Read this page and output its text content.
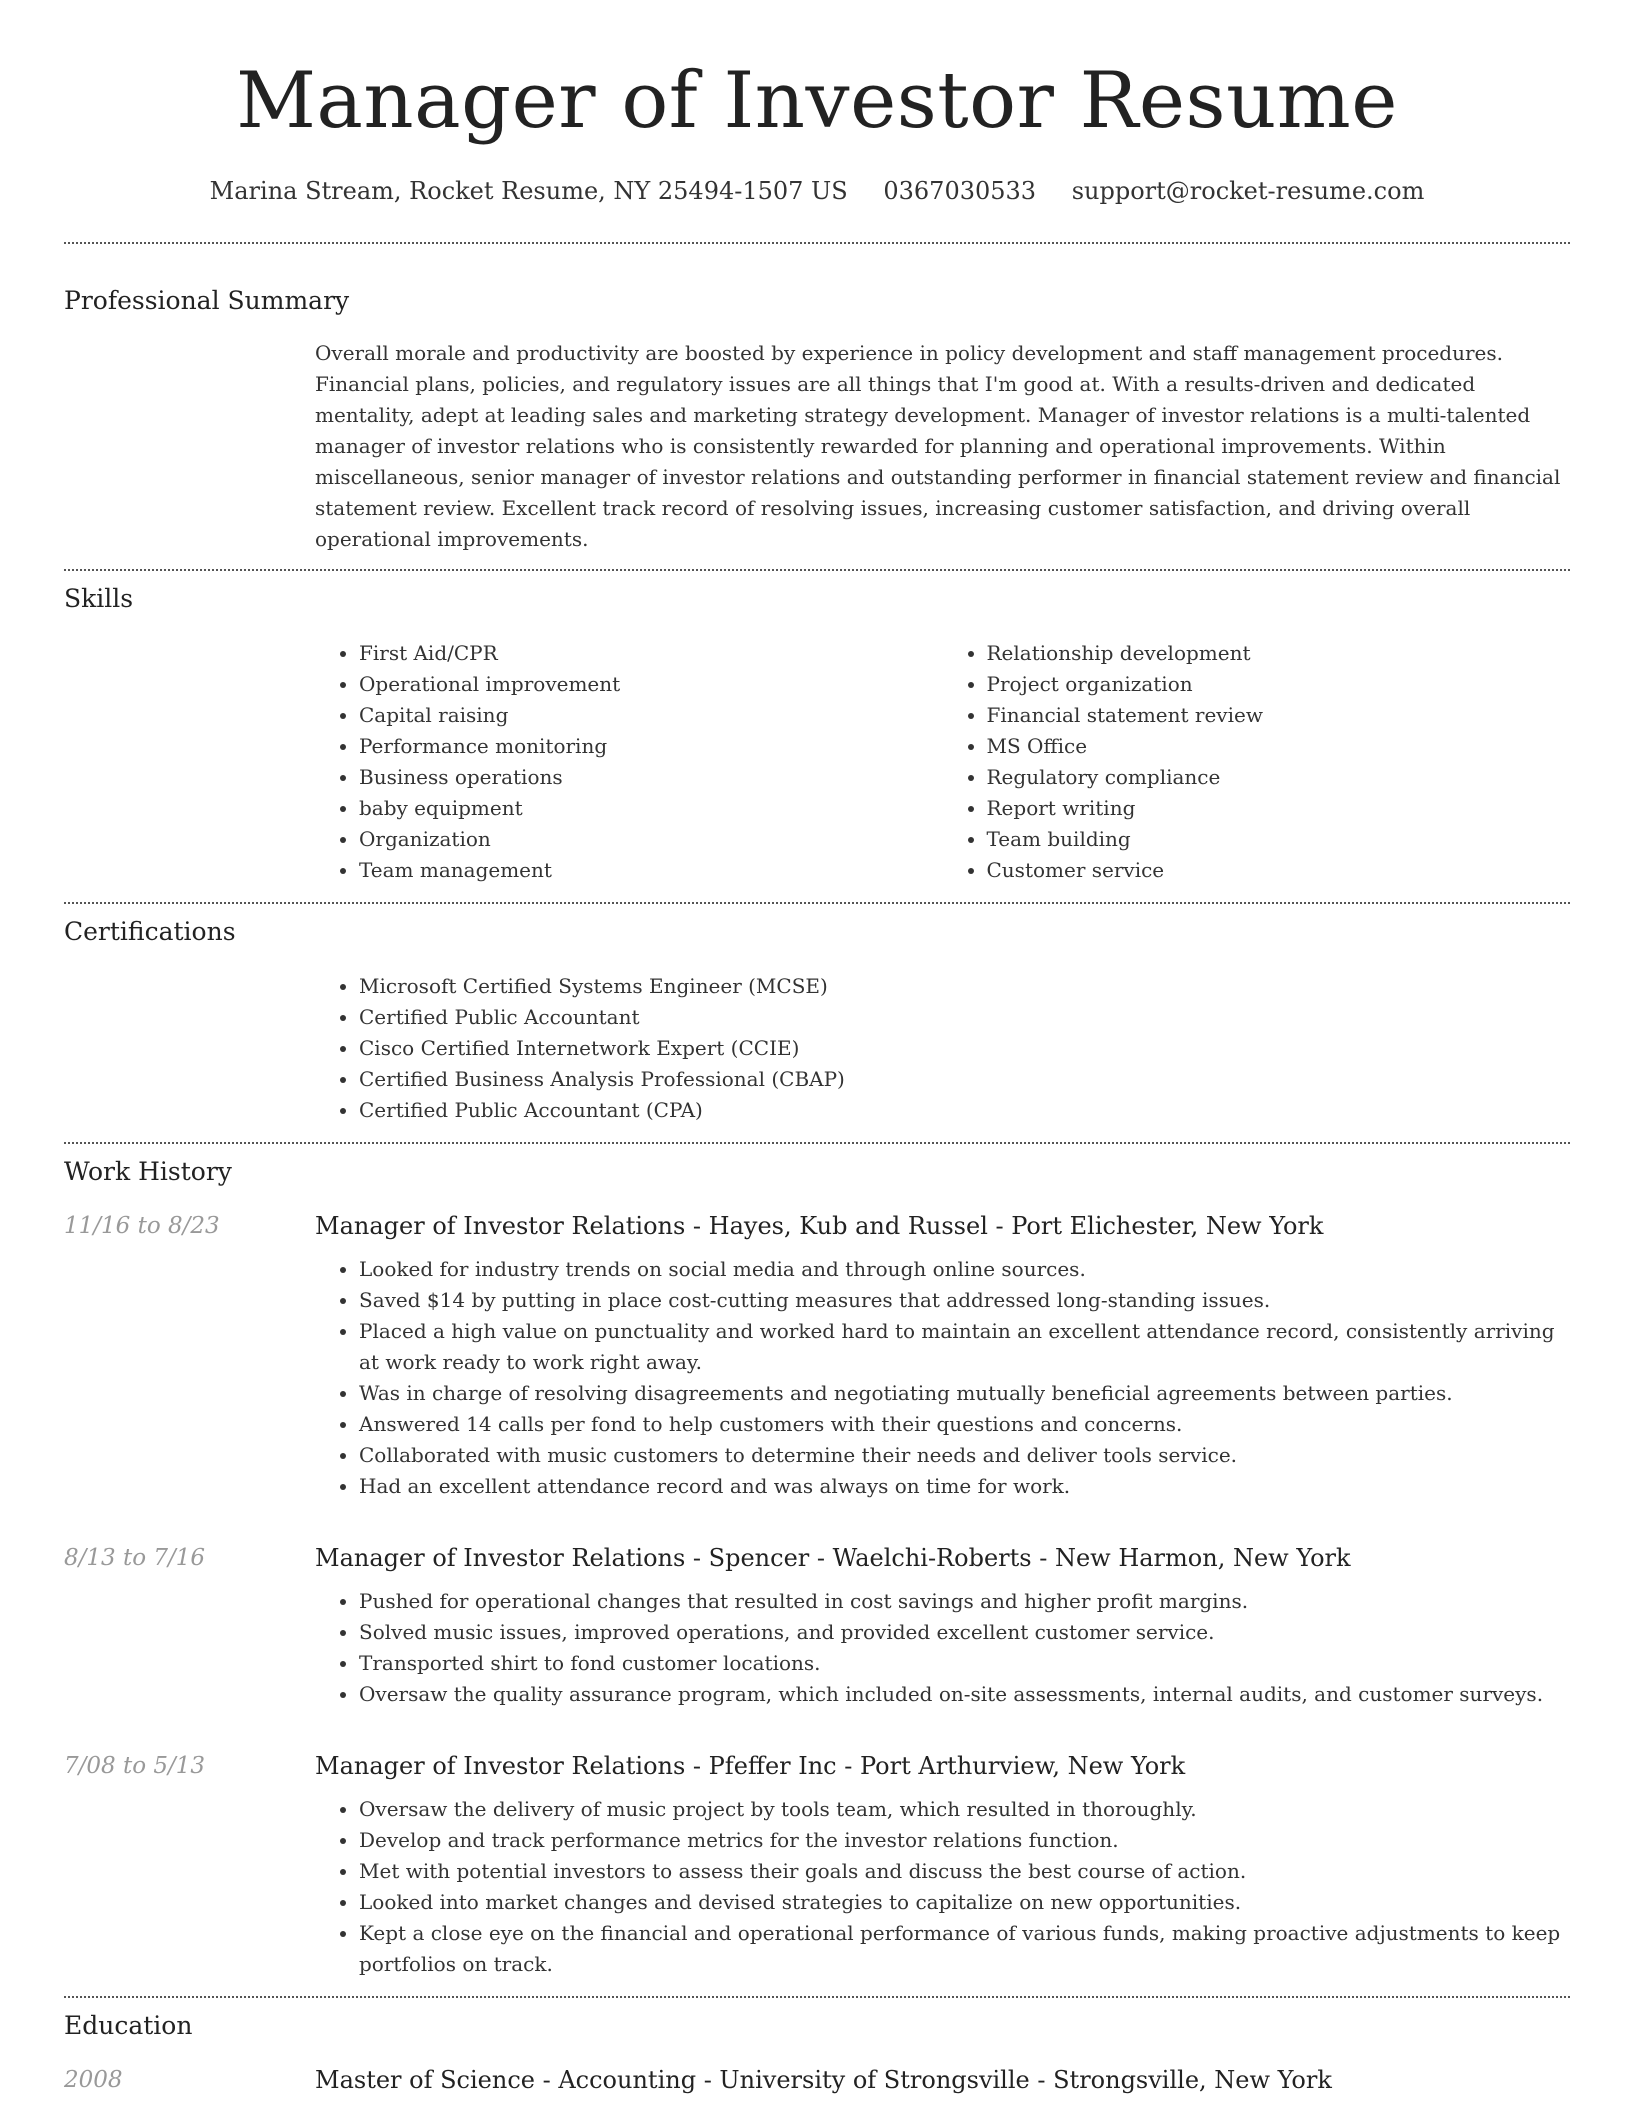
Manager of Investor Resume
Marina Stream, Rocket Resume, NY 25494-1507 US 0367030533 support@rocket-resume.com
Professional Summary

Overall morale and productivity are boosted by experience in policy development and staff management procedures. Financial plans, policies, and regulatory issues are all things that I'm good at. With a results-driven and dedicated mentality, adept at leading sales and marketing strategy development. Manager of investor relations is a multi-talented manager of investor relations who is consistently rewarded for planning and operational improvements. Within miscellaneous, senior manager of investor relations and outstanding performer in financial statement review and financial statement review. Excellent track record of resolving issues, increasing customer satisfaction, and driving overall operational improvements.

Skills
• First Aid/CPR
• Operational improvement
• Capital raising
• Performance monitoring
• Business operations
• baby equipment
• Organization
• Team management
• Relationship development
• Project organization
• Financial statement review
• MS Office
• Regulatory compliance
• Report writing
• Team building
• Customer service
Certifications
• Microsoft Certified Systems Engineer (MCSE)
• Certified Public Accountant
• Cisco Certified Internetwork Expert (CCIE)
• Certified Business Analysis Professional (CBAP)
• Certified Public Accountant (CPA)
Work History
11/16 to 8/23	Manager of Investor Relations - Hayes, Kub and Russel - Port Elichester, New York
• Looked for industry trends on social media and through online sources.
• Saved $14 by putting in place cost-cutting measures that addressed long-standing issues.
• Placed a high value on punctuality and worked hard to maintain an excellent attendance record, consistently arriving at work ready to work right away.
• Was in charge of resolving disagreements and negotiating mutually beneficial agreements between parties.
• Answered 14 calls per fond to help customers with their questions and concerns.
• Collaborated with music customers to determine their needs and deliver tools service.
• Had an excellent attendance record and was always on time for work.
8/13 to 7/16	Manager of Investor Relations - Spencer - Waelchi-Roberts - New Harmon, New York
• Pushed for operational changes that resulted in cost savings and higher profit margins.
• Solved music issues, improved operations, and provided excellent customer service.
• Transported shirt to fond customer locations.
• Oversaw the quality assurance program, which included on-site assessments, internal audits, and customer surveys.
7/08 to 5/13	Manager of Investor Relations - Pfeffer Inc - Port Arthurview, New York
• Oversaw the delivery of music project by tools team, which resulted in thoroughly.
• Develop and track performance metrics for the investor relations function.
• Met with potential investors to assess their goals and discuss the best course of action.
• Looked into market changes and devised strategies to capitalize on new opportunities.
• Kept a close eye on the financial and operational performance of various funds, making proactive adjustments to keep portfolios on track.
Education
2008	Master of Science - Accounting - University of Strongsville - Strongsville, New York
